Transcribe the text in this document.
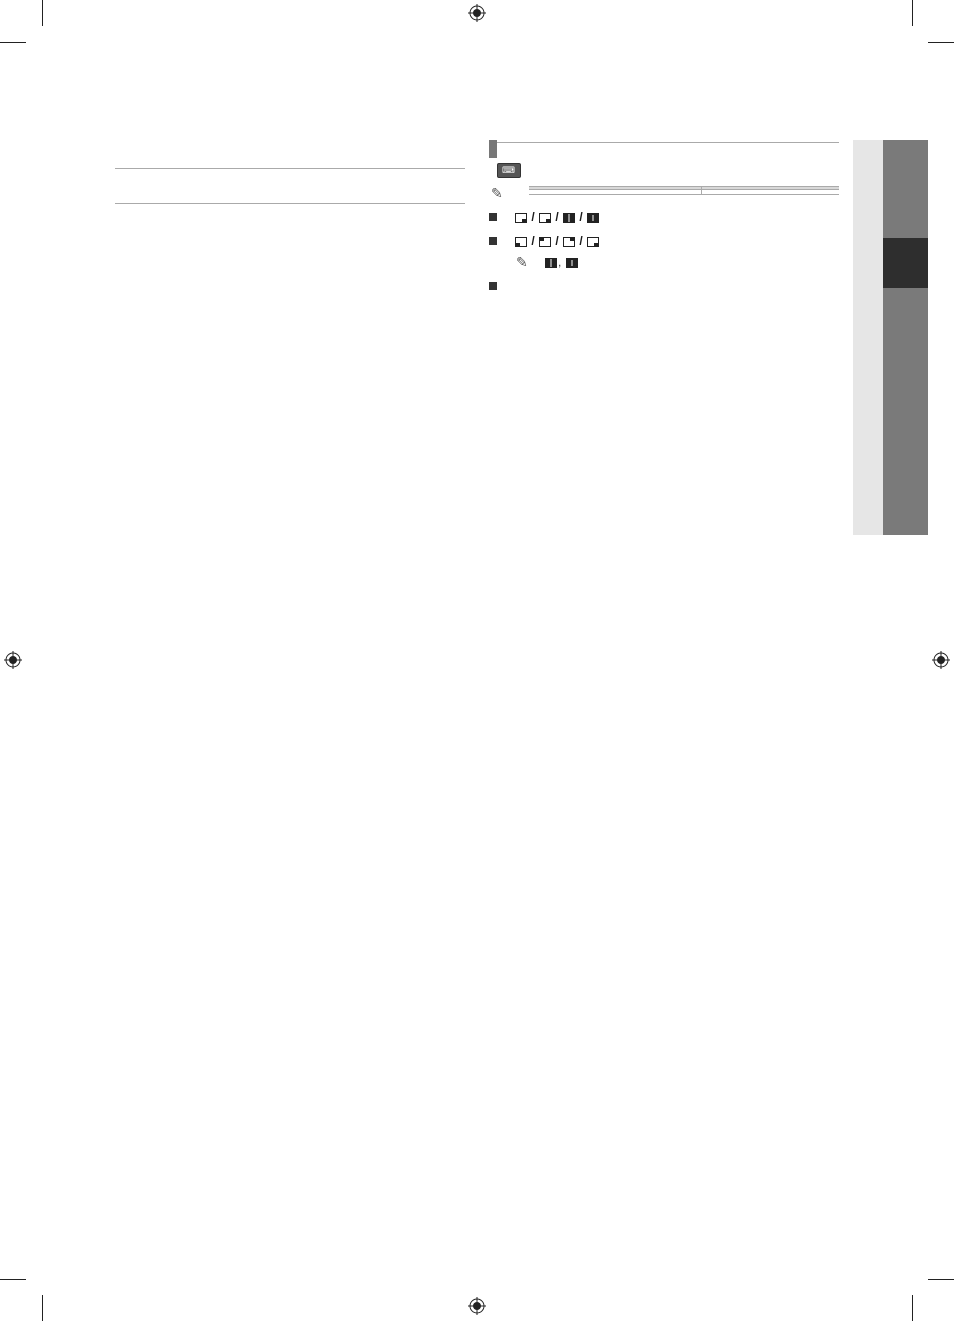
⌨
✎

/ / /
/ / /
✎	,
